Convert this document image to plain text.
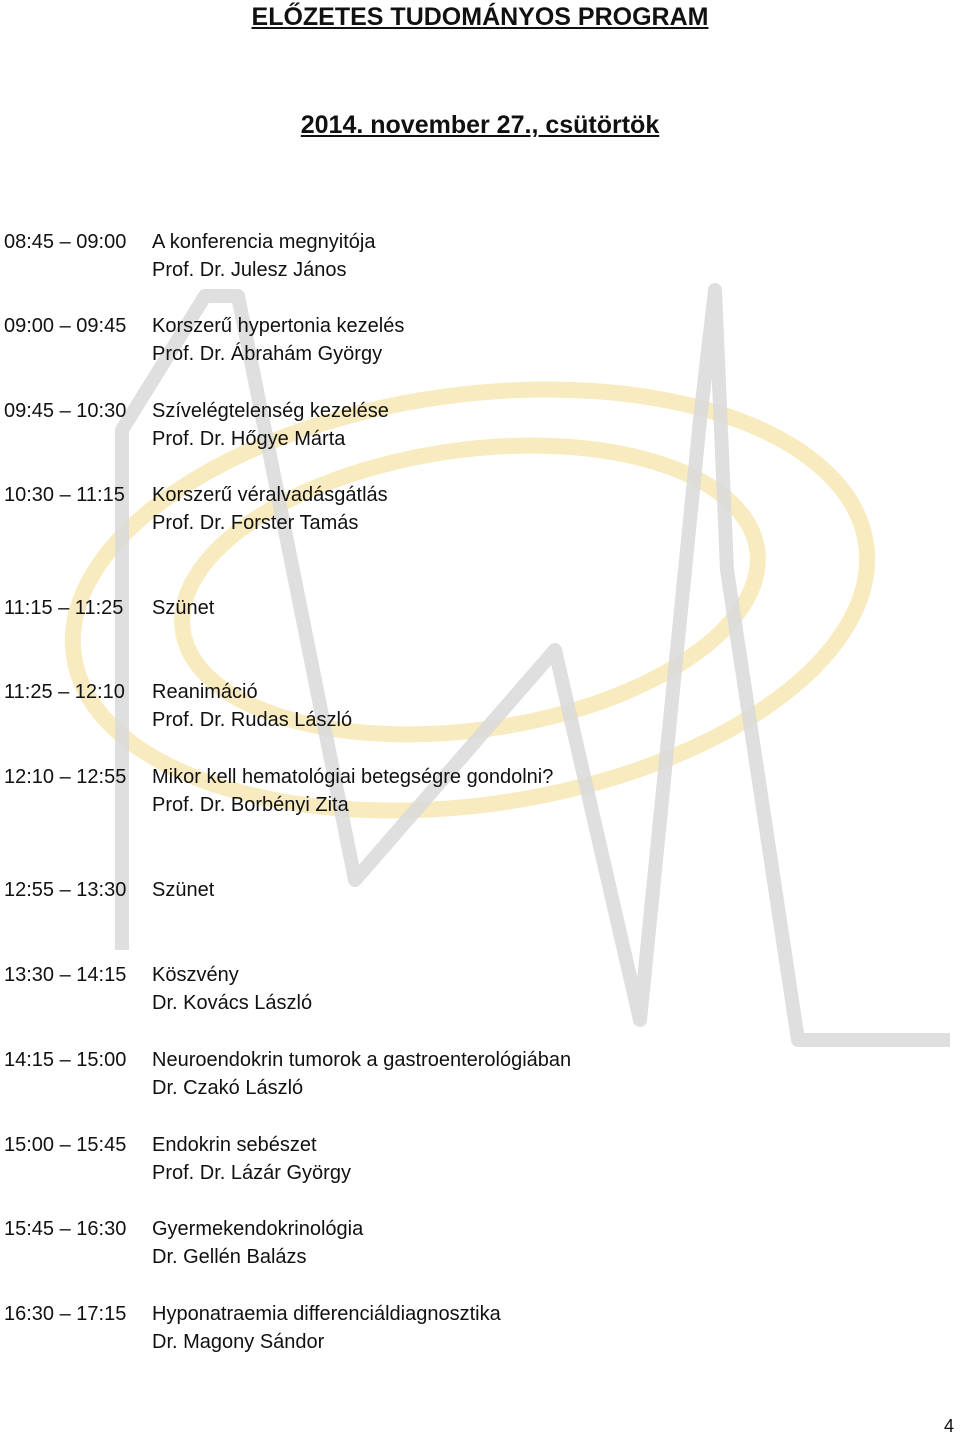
ELŐZETES TUDOMÁNYOS PROGRAM
2014. november 27., csütörtök
08:45 – 09:00 A konferencia megnyitója
Prof. Dr. Julesz János
09:00 – 09:45 Korszerű hypertonia kezelés
Prof. Dr. Ábrahám György
09:45 – 10:30 Szívelégtelenség kezelése
Prof. Dr. Hőgye Márta
10:30 – 11:15 Korszerű véralvadásgátlás
Prof. Dr. Forster Tamás
11:15 – 11:25 Szünet
11:25 – 12:10 Reanimáció
Prof. Dr. Rudas László
12:10 – 12:55 Mikor kell hematológiai betegségre gondolni?
Prof. Dr. Borbényi Zita
12:55 – 13:30 Szünet
13:30 – 14:15 Köszvény
Dr. Kovács László
14:15 – 15:00 Neuroendokrin tumorok a gastroenterológiában
Dr. Czakó László
15:00 – 15:45 Endokrin sebészet
Prof. Dr. Lázár György
15:45 – 16:30 Gyermekendokrinológia
Dr. Gellén Balázs
16:30 – 17:15 Hyponatraemia differenciáldiagnosztika
Dr. Magony Sándor
4
